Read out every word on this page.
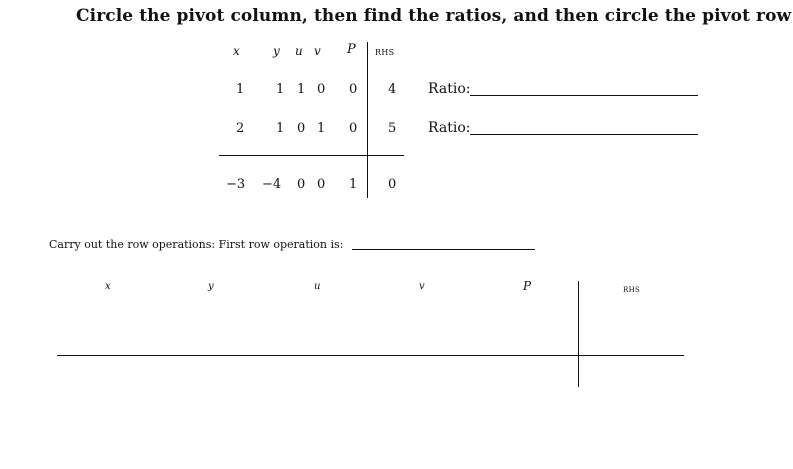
Circle the pivot column, then find the ratios, and then circle the pivot row
x	y u v P RHS
1 1 1 0 0 4
2 1 0 1 0 5
−3 −4 0 0 1 0
Ratio:
Ratio:
Carry out the row operations: First row operation is:
x	y	u	v	P	RHS
